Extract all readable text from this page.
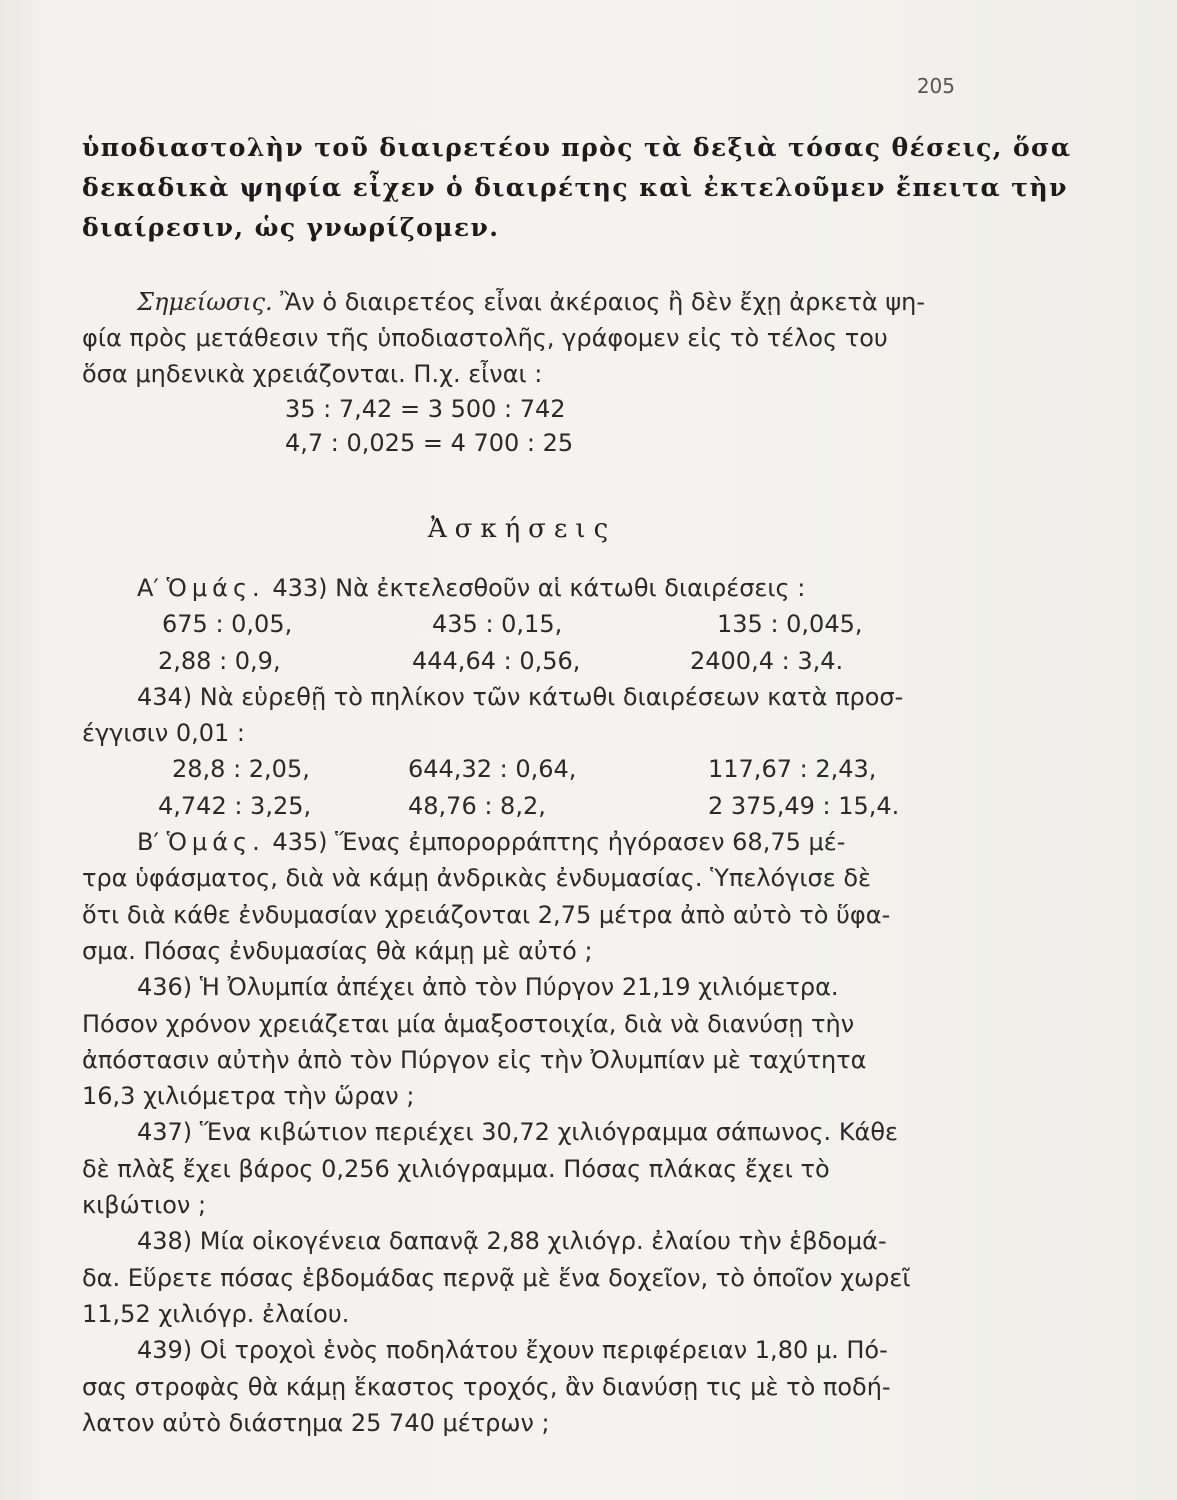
205
ὑποδιαστολὴν τοῦ διαιρετέου πρὸς τὰ δεξιὰ τόσας θέσεις, ὅσα
δεκαδικὰ ψηφία εἶχεν ὁ διαιρέτης καὶ ἐκτελοῦμεν ἔπειτα τὴν
διαίρεσιν, ὡς γνωρίζομεν.
Σημείωσις. Ἂν ὁ διαιρετέος εἶναι ἀκέραιος ἢ δὲν ἔχῃ ἀρκετὰ ψη-
φία πρὸς μετάθεσιν τῆς ὑποδιαστολῆς, γράφομεν εἰς τὸ τέλος του
ὅσα μηδενικὰ χρειάζονται. Π.χ. εἶναι :
35 : 7,42 = 3 500 : 742
4,7 : 0,025 = 4 700 : 25
Ἀσκήσεις
Α′ Ὁμάς. 433) Νὰ ἐκτελεσθοῦν αἱ κάτωθι διαιρέσεις :
675 : 0,05,	435 : 0,15,	135 : 0,045,
2,88 : 0,9,	444,64 : 0,56,	2400,4 : 3,4.
434) Νὰ εὑρεθῇ τὸ πηλίκον τῶν κάτωθι διαιρέσεων κατὰ προσ-
έγγισιν 0,01 :
28,8 : 2,05,	644,32 : 0,64,	117,67 : 2,43,
4,742 : 3,25,	48,76 : 8,2,	2 375,49 : 15,4.
Β′ Ὁμάς. 435) Ἕνας ἐμπορορράπτης ἠγόρασεν 68,75 μέ-
τρα ὑφάσματος, διὰ νὰ κάμῃ ἀνδρικὰς ἐνδυμασίας. Ὑπελόγισε δὲ
ὅτι διὰ κάθε ἐνδυμασίαν χρειάζονται 2,75 μέτρα ἀπὸ αὐτὸ τὸ ὕφα-
σμα. Πόσας ἐνδυμασίας θὰ κάμῃ μὲ αὐτό ;
436) Ἡ Ὀλυμπία ἀπέχει ἀπὸ τὸν Πύργον 21,19 χιλιόμετρα.
Πόσον χρόνον χρειάζεται μία ἁμαξοστοιχία, διὰ νὰ διανύσῃ τὴν
ἀπόστασιν αὐτὴν ἀπὸ τὸν Πύργον εἰς τὴν Ὀλυμπίαν μὲ ταχύτητα
16,3 χιλιόμετρα τὴν ὥραν ;
437) Ἕνα κιβώτιον περιέχει 30,72 χιλιόγραμμα σάπωνος. Κάθε
δὲ πλὰξ ἔχει βάρος 0,256 χιλιόγραμμα. Πόσας πλάκας ἔχει τὸ
κιβώτιον ;
438) Μία οἰκογένεια δαπανᾷ 2,88 χιλιόγρ. ἐλαίου τὴν ἑβδομά-
δα. Εὕρετε πόσας ἑβδομάδας περνᾷ μὲ ἕνα δοχεῖον, τὸ ὁποῖον χωρεῖ
11,52 χιλιόγρ. ἐλαίου.
439) Οἱ τροχοὶ ἑνὸς ποδηλάτου ἔχουν περιφέρειαν 1,80 μ. Πό-
σας στροφὰς θὰ κάμῃ ἕκαστος τροχός, ἂν διανύσῃ τις μὲ τὸ ποδή-
λατον αὐτὸ διάστημα 25 740 μέτρων ;
